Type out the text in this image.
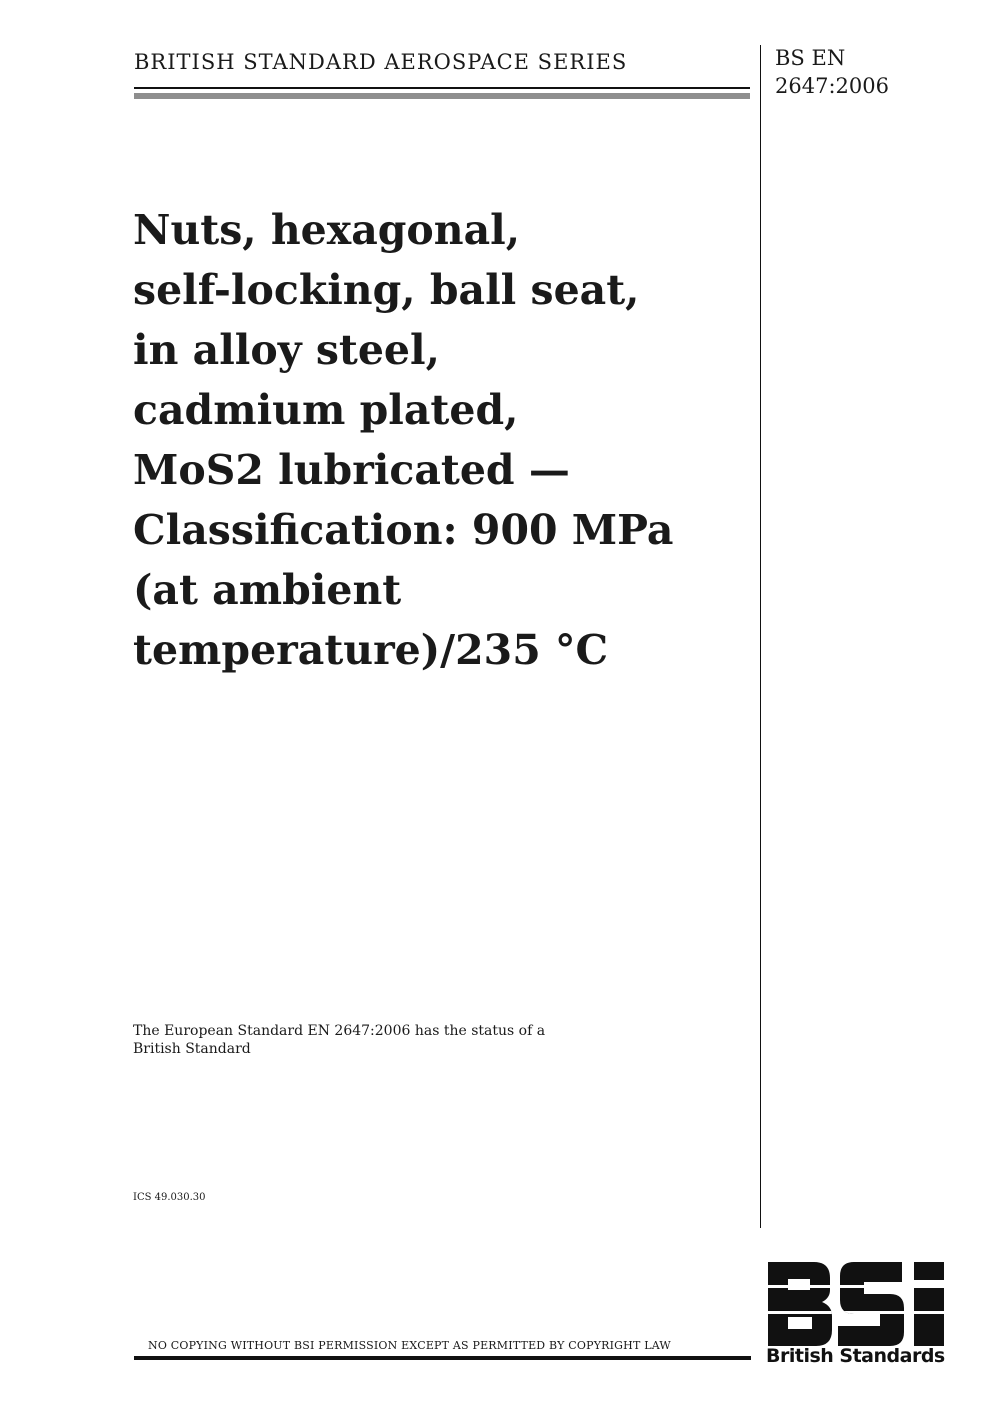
BRITISH STANDARD AEROSPACE SERIES	BS EN
2647:2006
Nuts, hexagonal,
self-locking, ball seat,
in alloy steel,
cadmium plated,
MoS2 lubricated —
Classification: 900 MPa
(at ambient
temperature)/235 °C
The European Standard EN 2647:2006 has the status of a
British Standard
ICS 49.030.30
NO COPYING WITHOUT BSI PERMISSION EXCEPT AS PERMITTED BY COPYRIGHT LAW	British Standards
